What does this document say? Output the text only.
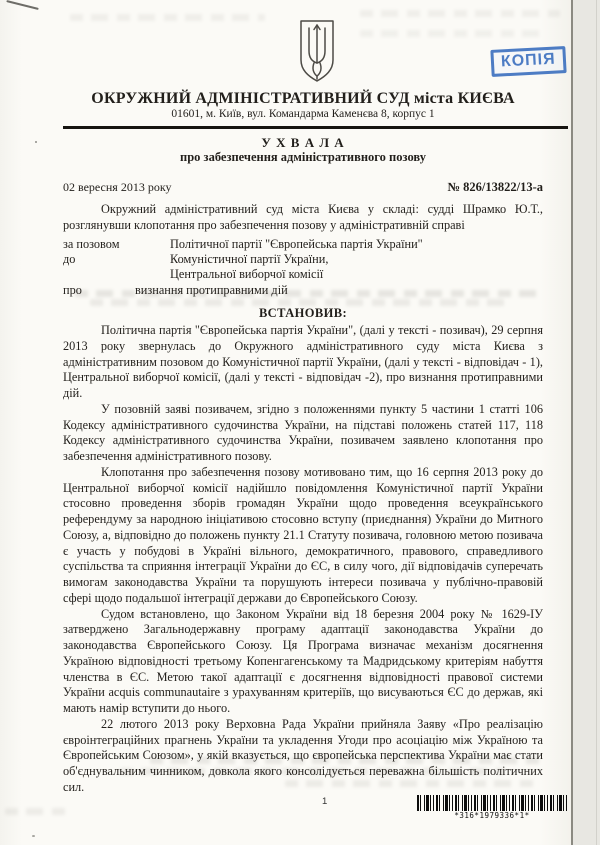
КОПІЯ
ОКРУЖНИЙ АДМІНІСТРАТИВНИЙ СУД міста КИЄВА
01601, м. Київ, вул. Командарма Каменєва 8, корпус 1
У Х В А Л А
про забезпечення адміністративного позову
02 вересня 2013 року	№ 826/13822/13-а

Окружний адміністративний суд міста Києва у складі: судді Шрамко Ю.Т., розглянувши клопотання про забезпечення позову у адміністративній справі

за позовом	Політичної партії "Європейська партія України"
до	Комуністичної партії України,
Центральної виборчої комісії
про	визнання протиправними дій
ВСТАНОВИВ:

Політична партія "Європейська партія України", (далі у тексті - позивач), 29 серпня 2013 року звернулась до Окружного адміністративного суду міста Києва з адміністративним позовом до Комуністичної партії України, (далі у тексті - відповідач - 1), Центральної виборчої комісії, (далі у тексті - відповідач -2), про визнання протиправними дій.

У позовній заяві позивачем, згідно з положеннями пункту 5 частини 1 статті 106 Кодексу адміністративного судочинства України, на підставі положень статей 117, 118 Кодексу адміністративного судочинства України, позивачем заявлено клопотання про забезпечення адміністративного позову.

Клопотання про забезпечення позову мотивовано тим, що 16 серпня 2013 року до Центральної виборчої комісії надійшло повідомлення Комуністичної партії України стосовно проведення зборів громадян України щодо проведення всеукраїнського референдуму за народною ініціативою стосовно вступу (приєднання) України до Митного Союзу, а, відповідно до положень пункту 21.1 Статуту позивача, головною метою позивача є участь у побудові в Україні вільного, демократичного, правового, справедливого суспільства та сприяння інтеграції України до ЄС, в силу чого, дії відповідачів суперечать вимогам законодавства України та порушують інтереси позивача у публічно-правовій сфері щодо подальшої інтеграції держави до Європейського Союзу.

Судом встановлено, що Законом України від 18 березня 2004 року № 1629-ІУ затверджено Загальнодержавну програму адаптації законодавства України до законодавства Європейського Союзу. Ця Програма визначає механізм досягнення Україною відповідності третьому Копенгагенському та Мадридському критеріям набуття членства в ЄС. Метою такої адаптації є досягнення відповідності правової системи України acquis communautaire з урахуванням критеріїв, що висуваються ЄС до держав, які мають намір вступити до нього.

22 лютого 2013 року Верховна Рада України прийняла Заяву «Про реалізацію євроінтеграційних прагнень України та укладення Угоди про асоціацію між Україною та Європейським Союзом», у якій вказується, що європейська перспектива України має стати об'єднувальним чинником, довкола якого консолідується переважна більшість політичних сил.

1
*316*1979336*1*
